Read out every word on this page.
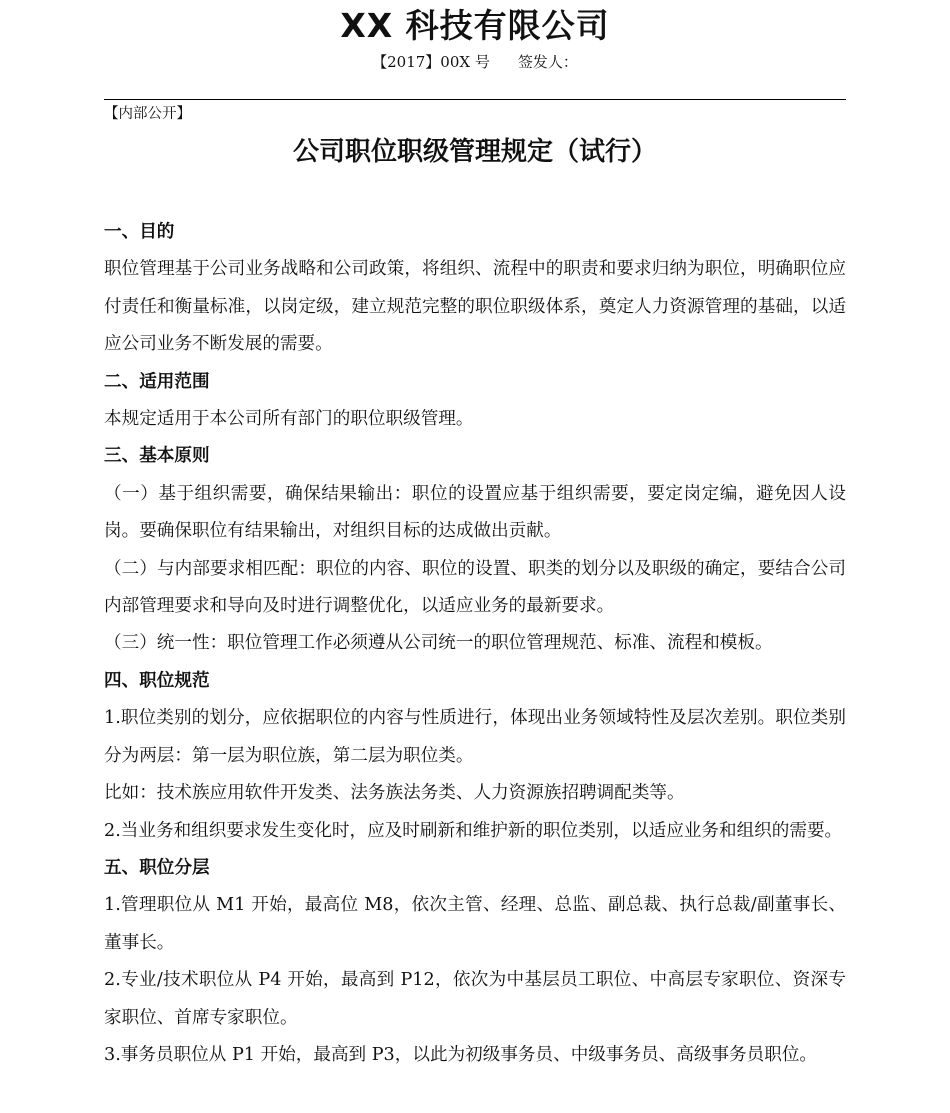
XX 科技有限公司
【2017】00X 号 签发人：
【内部公开】
公司职位职级管理规定（试行）
一、目的
职位管理基于公司业务战略和公司政策，将组织、流程中的职责和要求归纳为职位，明确职位应付责任和衡量标准，以岗定级，建立规范完整的职位职级体系，奠定人力资源管理的基础，以适应公司业务不断发展的需要。
二、适用范围
本规定适用于本公司所有部门的职位职级管理。
三、基本原则
（一）基于组织需要，确保结果输出：职位的设置应基于组织需要，要定岗定编，避免因人设岗。要确保职位有结果输出，对组织目标的达成做出贡献。
（二）与内部要求相匹配：职位的内容、职位的设置、职类的划分以及职级的确定，要结合公司内部管理要求和导向及时进行调整优化，以适应业务的最新要求。
（三）统一性：职位管理工作必须遵从公司统一的职位管理规范、标准、流程和模板。
四、职位规范
1.职位类别的划分，应依据职位的内容与性质进行，体现出业务领域特性及层次差别。职位类别分为两层：第一层为职位族，第二层为职位类。
比如：技术族应用软件开发类、法务族法务类、人力资源族招聘调配类等。
2.当业务和组织要求发生变化时，应及时刷新和维护新的职位类别，以适应业务和组织的需要。
五、职位分层
1.管理职位从 M1 开始，最高位 M8，依次主管、经理、总监、副总裁、执行总裁/副董事长、董事长。
2.专业/技术职位从 P4 开始，最高到 P12，依次为中基层员工职位、中高层专家职位、资深专家职位、首席专家职位。
3.事务员职位从 P1 开始，最高到 P3，以此为初级事务员、中级事务员、高级事务员职位。
